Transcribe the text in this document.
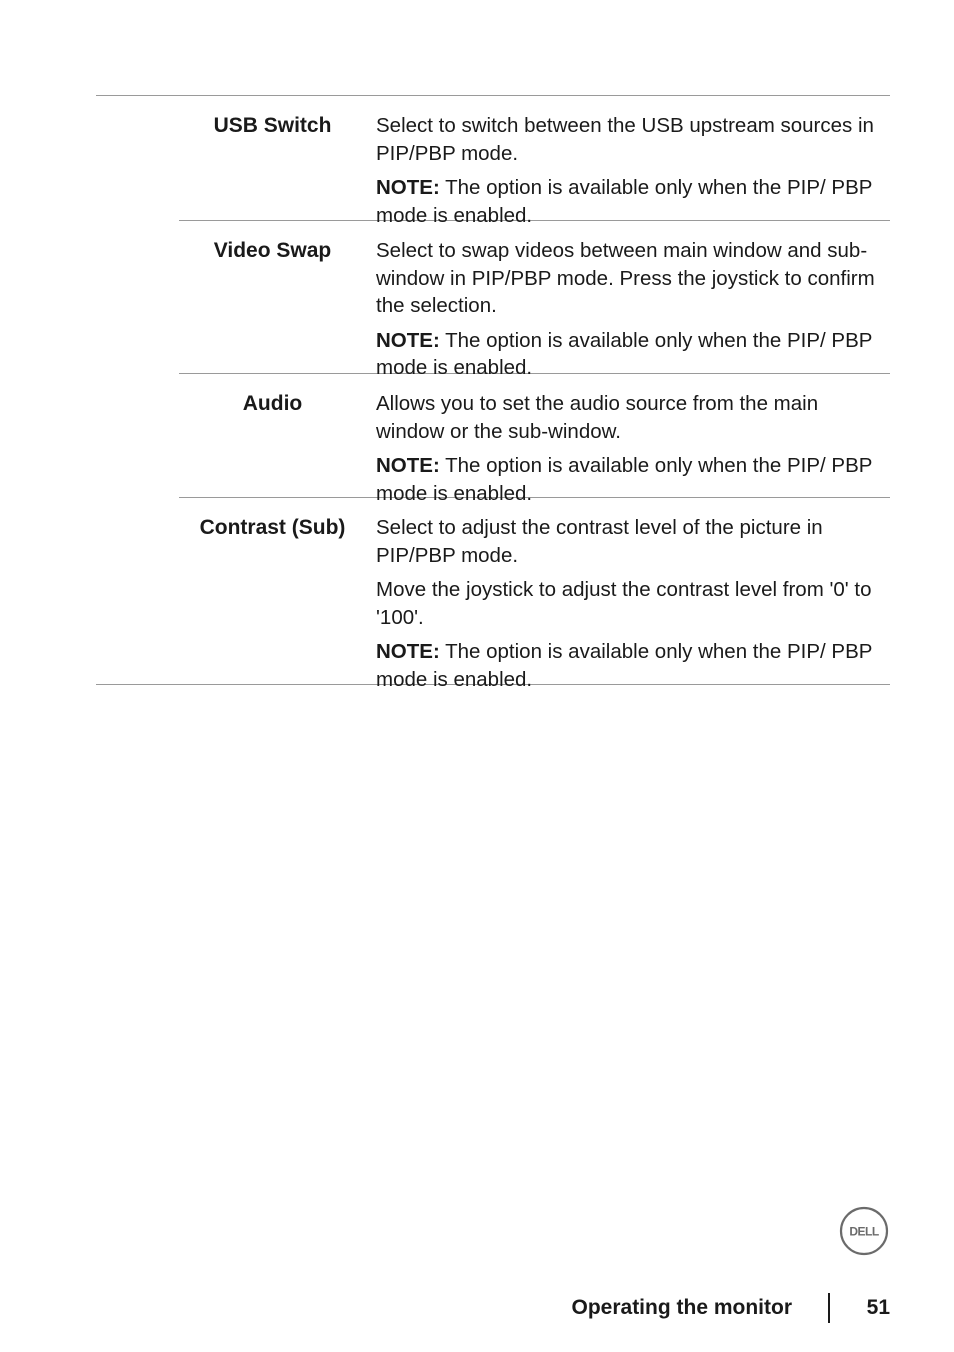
USB Switch	Select to switch between the USB upstream sources in PIP/PBP mode.

NOTE: The option is available only when the PIP/ PBP mode is enabled.

Video Swap	Select to swap videos between main window and sub-window in PIP/PBP mode. Press the joystick to confirm the selection.

NOTE: The option is available only when the PIP/ PBP mode is enabled.

Audio	Allows you to set the audio source from the main window or the sub-window.

NOTE: The option is available only when the PIP/ PBP mode is enabled.

Contrast (Sub)	Select to adjust the contrast level of the picture in PIP/PBP mode.

Move the joystick to adjust the contrast level from '0' to '100'.

NOTE: The option is available only when the PIP/ PBP mode is enabled.

DELL
Operating the monitor	51
